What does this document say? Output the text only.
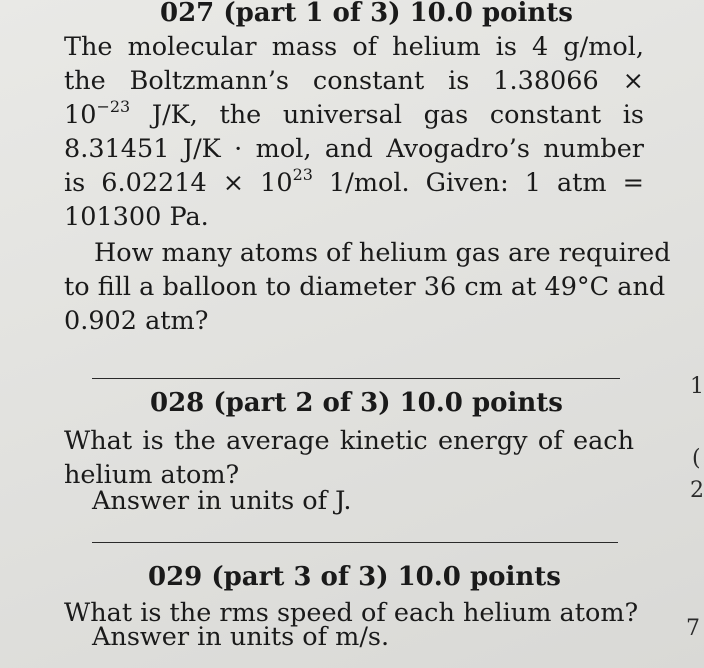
027 (part 1 of 3) 10.0 points
The molecular mass of helium is 4 g/mol,
the Boltzmann’s constant is 1.38066 ×
$10^{-23}$ J/K, the universal gas constant is
8.31451 J/K · mol, and Avogadro’s number
is $6.02214 \times 10^{23}$ 1/mol. Given: 1 atm =
101300 Pa.
How many atoms of helium gas are required
to fill a balloon to diameter 36 cm at 49°C and
0.902 atm?
028 (part 2 of 3) 10.0 points
What is the average kinetic energy of each
helium atom?
Answer in units of J.
029 (part 3 of 3) 10.0 points
What is the rms speed of each helium atom?
Answer in units of m/s.
1
(
2
7
